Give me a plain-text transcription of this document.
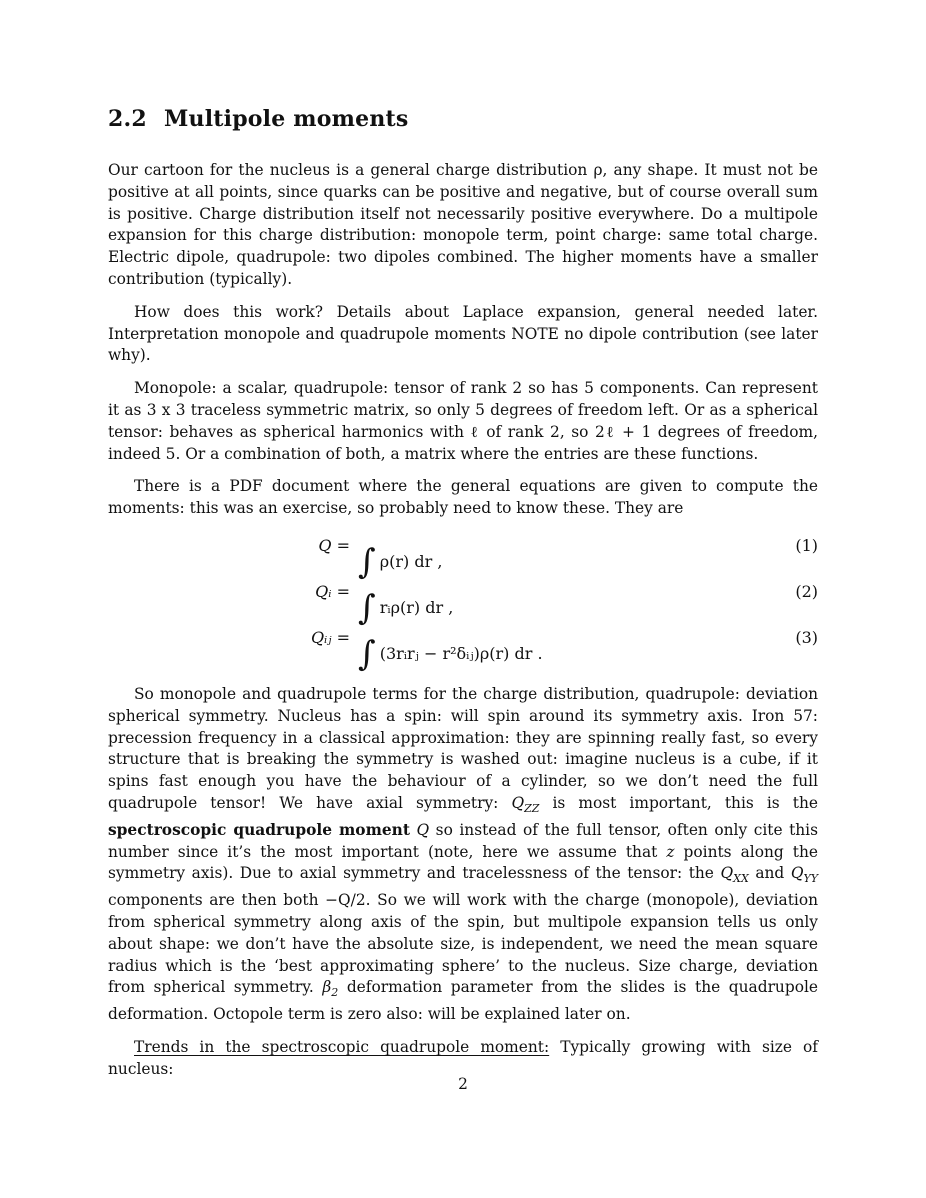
2.2 Multipole moments

Our cartoon for the nucleus is a general charge distribution ρ, any shape. It must not be positive at all points, since quarks can be positive and negative, but of course overall sum is positive. Charge distribution itself not necessarily positive everywhere. Do a multipole expansion for this charge distribution: monopole term, point charge: same total charge. Electric dipole, quadrupole: two dipoles combined. The higher moments have a smaller contribution (typically).

How does this work? Details about Laplace expansion, general needed later. Interpretation monopole and quadrupole moments NOTE no dipole contribution (see later why).

Monopole: a scalar, quadrupole: tensor of rank 2 so has 5 components. Can represent it as 3 x 3 traceless symmetric matrix, so only 5 degrees of freedom left. Or as a spherical tensor: behaves as spherical harmonics with ℓ of rank 2, so 2ℓ + 1 degrees of freedom, indeed 5. Or a combination of both, a matrix where the entries are these functions.

There is a PDF document where the general equations are given to compute the moments: this was an exercise, so probably need to know these. They are

Q = ∫ ρ(r) dr ,
(1)
Qᵢ = ∫ rᵢρ(r) dr ,
(2)
Qᵢⱼ = ∫ (3rᵢrⱼ − r²δᵢⱼ)ρ(r) dr .
(3)

So monopole and quadrupole terms for the charge distribution, quadrupole: deviation spherical symmetry. Nucleus has a spin: will spin around its symmetry axis. Iron 57: precession frequency in a classical approximation: they are spinning really fast, so every structure that is breaking the symmetry is washed out: imagine nucleus is a cube, if it spins fast enough you have the behaviour of a cylinder, so we don’t need the full quadrupole tensor! We have axial symmetry: $Q_{ZZ}$ is most important, this is the spectroscopic quadrupole moment Q so instead of the full tensor, often only cite this number since it’s the most important (note, here we assume that z points along the symmetry axis). Due to axial symmetry and tracelessness of the tensor: the $Q_{XX}$ and $Q_{YY}$ components are then both −Q/2. So we will work with the charge (monopole), deviation from spherical symmetry along axis of the spin, but multipole expansion tells us only about shape: we don’t have the absolute size, is independent, we need the mean square radius which is the ‘best approximating sphere’ to the nucleus. Size charge, deviation from spherical symmetry. $\beta_2$ deformation parameter from the slides is the quadrupole deformation. Octopole term is zero also: will be explained later on.

Trends in the spectroscopic quadrupole moment: Typically growing with size of nucleus:

2
